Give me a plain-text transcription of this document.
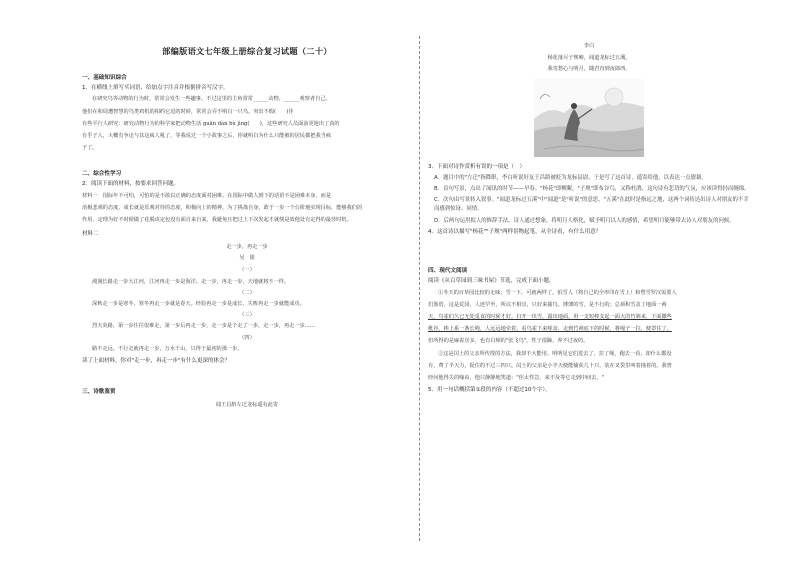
部编版语文七年级上册综合复习试题（二十）
一、基础知识综合
1．在横线上填写买词语，给加点字注音并根据拼音写汉字。

在研究鸟等动物的行为时，常常会发生一些趣事。不过这里的主角常常______动物，______观察者自己。

他们在和周遭智慧的鸟类鸡机的相约它逗的时候，常常会弄不明白一只鸟。突出不瑕(　　)佳

有些平行人研究：研究动物行为的科学家把动物生活 guān dàn bù jìng(　　)，这些研究人员面前更地出了真的

有乎子人，大概有争论与其这疯人吼了，等我说过一个小故事之后，你就明白为什么只能被的居民都把我当疯

子了。

二、综合性学习
2．阅读下面的材料，按要求回答问题。

材料一　国际年不可怕，可怕的是不敢以正确的态度面对困难。在国际中做人到下的话语不是困难本身，而是

消极悲观的态度，成长就是乐观对待的态度，积极向上的精神，为了挑战自身，敢于一步一个台阶地实现目标，能够我们的

作用，定理为好不时候做了花脱该定包没有面自来自来，我避免且把过上下次发起才就倒是效他处有定得的最佳时机。

材料二
走一步，再走一步
吴　银
（一）
漫漫长路走一步大江河，江河再走一步是海洋。走一步，再走一步，天地就将不一样。
（二）
深秋走一步是寒冬，寒冬再走一步就是春天。经验再走一步是成长，失败再走一步就能成功。
（三）
烈天炎路，第一步往往很难走，第一步后再走一步，走一步是个走了一步，走一步，再走一步……
（四）
路不走远，不行走就再走一步，万水千山，只得于最初的那一步。
读了上面材料，你对"走一步，再走一步"有什么更深的体会？
三、诗歌鉴赏
闻王昌龄左迁龙标遥有此寄
李白
杨花落尽子规啼，闻道龙标过五溪。
我寄愁心与明月，随君直到夜郎西。
3．下面对诗作赏析有误的一项是（　）
A．题目中的"左迁"指降职，李白听说好友王昌龄被贬为龙标县尉，于是写了这首诗，遥寄给他，以表达一点慰藉。
B．首句写景，点出了闻讯的时节——早春。"杨花"即柳絮，"子规"即布谷鸟，又称杜鹃，这句诗有悲切的气氛，应该读得轻而缠绵。
C．次句由写景转入叙事。"闻道龙标过五溪"中"闻道"是"听说"的意思，"五溪"在此时是指远之地，这两个词传达出诗人对朋友的不幸而感到惊讶、同情。
D．后两句运用拟人的修辞手法，诗人通过想象，将明月人格化，赋予明月以人的感情，希望明月能够带去诗人对朋友的问候。
4．这首诗以描写"杨花""子规"两样景物起笔，从全诗看，有什么用意？
四、现代文阅读
阅读《从百草园到三味书屋》节选，完成下面小题。

①冬天的百草园比较的无味；雪一下，可就两样了。拍雪人（将自己的全形印在雪上）和塑雪罗汉需要人

们鉴赏，这是荒园，人迹罕至，所以不相宜，只好来捕鸟。薄薄的雪，是不行的；总须积雪盖了地面一两

天，鸟雀们久已无处觅食的时候才好。扫开一块雪，露出地面，用一支短棒支起一面大的竹筛来，下面撒些

秕谷，棒上系一条长绳，人远远地牵着，看鸟雀下来啄食，走到竹筛底下的时候，将绳子一拉，便罩住了。

但所得的是麻雀居多，也有白颊的"张飞鸟"，性子很躁，养不过夜的。

②这是闰土的父亲所传授的方法，我却不大能用。明明见它们进去了，拉了绳，跑去一看，却什么都没

有，费了半天力，捉住的不过三四只。闰土的父亲是小半天便能捕获几十只，装在叉袋里叫着撞着的。我曾

经问他得失的缘由，他只静静地笑道："你太性急，来不及等它走到中间去。"

5．用一句话概括第①段的内容（不超过10个字）。
